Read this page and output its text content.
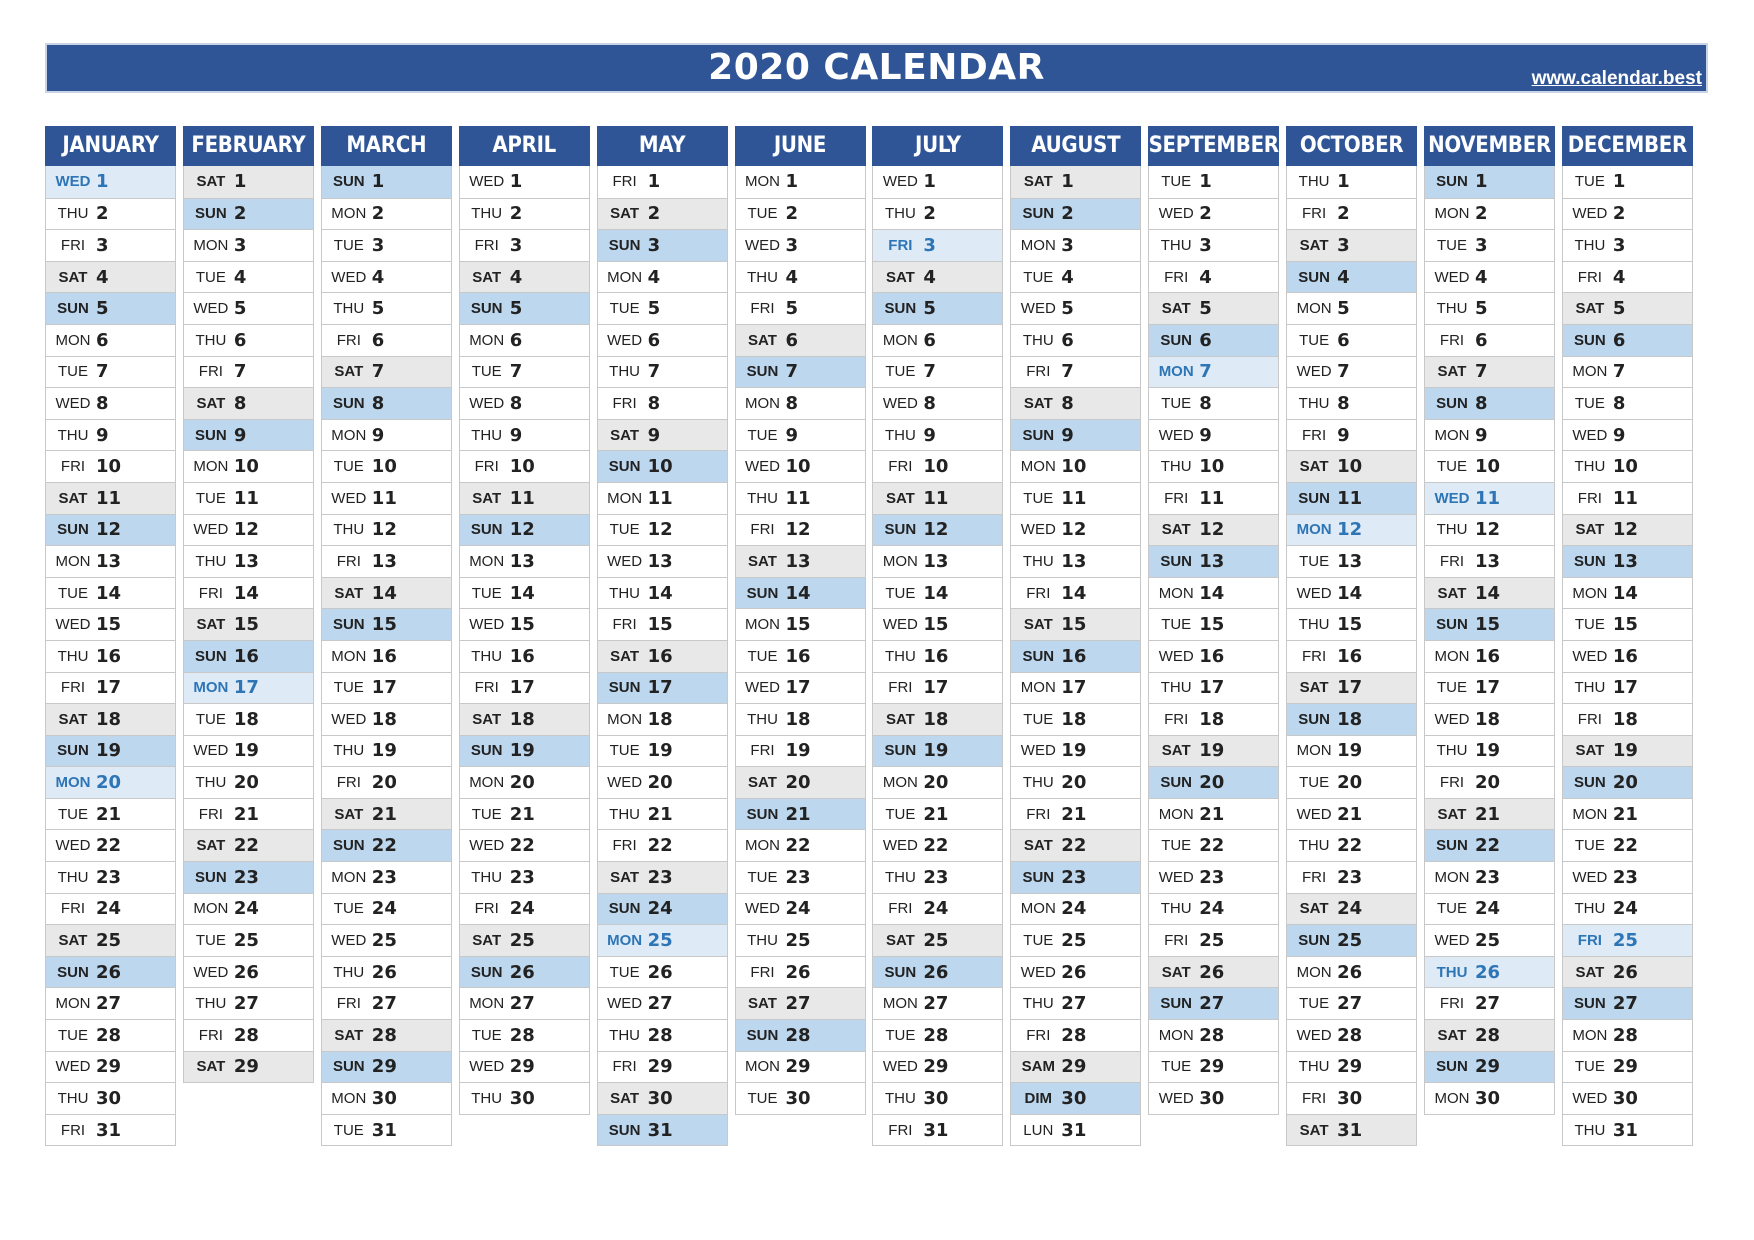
2020 CALENDAR	www.calendar.best
JANUARY
WED 1
THU 2
FRI 3
SAT 4
SUN 5
MON 6
TUE 7
WED 8
THU 9
FRI 10
SAT 11
SUN 12
MON 13
TUE 14
WED 15
THU 16
FRI 17
SAT 18
SUN 19
MON 20
TUE 21
WED 22
THU 23
FRI 24
SAT 25
SUN 26
MON 27
TUE 28
WED 29
THU 30
FRI 31
FEBRUARY
SAT 1
SUN 2
MON 3
TUE 4
WED 5
THU 6
FRI 7
SAT 8
SUN 9
MON 10
TUE 11
WED 12
THU 13
FRI 14
SAT 15
SUN 16
MON 17
TUE 18
WED 19
THU 20
FRI 21
SAT 22
SUN 23
MON 24
TUE 25
WED 26
THU 27
FRI 28
SAT 29
MARCH
SUN 1
MON 2
TUE 3
WED 4
THU 5
FRI 6
SAT 7
SUN 8
MON 9
TUE 10
WED 11
THU 12
FRI 13
SAT 14
SUN 15
MON 16
TUE 17
WED 18
THU 19
FRI 20
SAT 21
SUN 22
MON 23
TUE 24
WED 25
THU 26
FRI 27
SAT 28
SUN 29
MON 30
TUE 31
APRIL
WED 1
THU 2
FRI 3
SAT 4
SUN 5
MON 6
TUE 7
WED 8
THU 9
FRI 10
SAT 11
SUN 12
MON 13
TUE 14
WED 15
THU 16
FRI 17
SAT 18
SUN 19
MON 20
TUE 21
WED 22
THU 23
FRI 24
SAT 25
SUN 26
MON 27
TUE 28
WED 29
THU 30
MAY
FRI 1
SAT 2
SUN 3
MON 4
TUE 5
WED 6
THU 7
FRI 8
SAT 9
SUN 10
MON 11
TUE 12
WED 13
THU 14
FRI 15
SAT 16
SUN 17
MON 18
TUE 19
WED 20
THU 21
FRI 22
SAT 23
SUN 24
MON 25
TUE 26
WED 27
THU 28
FRI 29
SAT 30
SUN 31
JUNE
MON 1
TUE 2
WED 3
THU 4
FRI 5
SAT 6
SUN 7
MON 8
TUE 9
WED 10
THU 11
FRI 12
SAT 13
SUN 14
MON 15
TUE 16
WED 17
THU 18
FRI 19
SAT 20
SUN 21
MON 22
TUE 23
WED 24
THU 25
FRI 26
SAT 27
SUN 28
MON 29
TUE 30
JULY
WED 1
THU 2
FRI 3
SAT 4
SUN 5
MON 6
TUE 7
WED 8
THU 9
FRI 10
SAT 11
SUN 12
MON 13
TUE 14
WED 15
THU 16
FRI 17
SAT 18
SUN 19
MON 20
TUE 21
WED 22
THU 23
FRI 24
SAT 25
SUN 26
MON 27
TUE 28
WED 29
THU 30
FRI 31
AUGUST
SAT 1
SUN 2
MON 3
TUE 4
WED 5
THU 6
FRI 7
SAT 8
SUN 9
MON 10
TUE 11
WED 12
THU 13
FRI 14
SAT 15
SUN 16
MON 17
TUE 18
WED 19
THU 20
FRI 21
SAT 22
SUN 23
MON 24
TUE 25
WED 26
THU 27
FRI 28
SAM 29
DIM 30
LUN 31
SEPTEMBER
TUE 1
WED 2
THU 3
FRI 4
SAT 5
SUN 6
MON 7
TUE 8
WED 9
THU 10
FRI 11
SAT 12
SUN 13
MON 14
TUE 15
WED 16
THU 17
FRI 18
SAT 19
SUN 20
MON 21
TUE 22
WED 23
THU 24
FRI 25
SAT 26
SUN 27
MON 28
TUE 29
WED 30
OCTOBER
THU 1
FRI 2
SAT 3
SUN 4
MON 5
TUE 6
WED 7
THU 8
FRI 9
SAT 10
SUN 11
MON 12
TUE 13
WED 14
THU 15
FRI 16
SAT 17
SUN 18
MON 19
TUE 20
WED 21
THU 22
FRI 23
SAT 24
SUN 25
MON 26
TUE 27
WED 28
THU 29
FRI 30
SAT 31
NOVEMBER
SUN 1
MON 2
TUE 3
WED 4
THU 5
FRI 6
SAT 7
SUN 8
MON 9
TUE 10
WED 11
THU 12
FRI 13
SAT 14
SUN 15
MON 16
TUE 17
WED 18
THU 19
FRI 20
SAT 21
SUN 22
MON 23
TUE 24
WED 25
THU 26
FRI 27
SAT 28
SUN 29
MON 30
DECEMBER
TUE 1
WED 2
THU 3
FRI 4
SAT 5
SUN 6
MON 7
TUE 8
WED 9
THU 10
FRI 11
SAT 12
SUN 13
MON 14
TUE 15
WED 16
THU 17
FRI 18
SAT 19
SUN 20
MON 21
TUE 22
WED 23
THU 24
FRI 25
SAT 26
SUN 27
MON 28
TUE 29
WED 30
THU 31
